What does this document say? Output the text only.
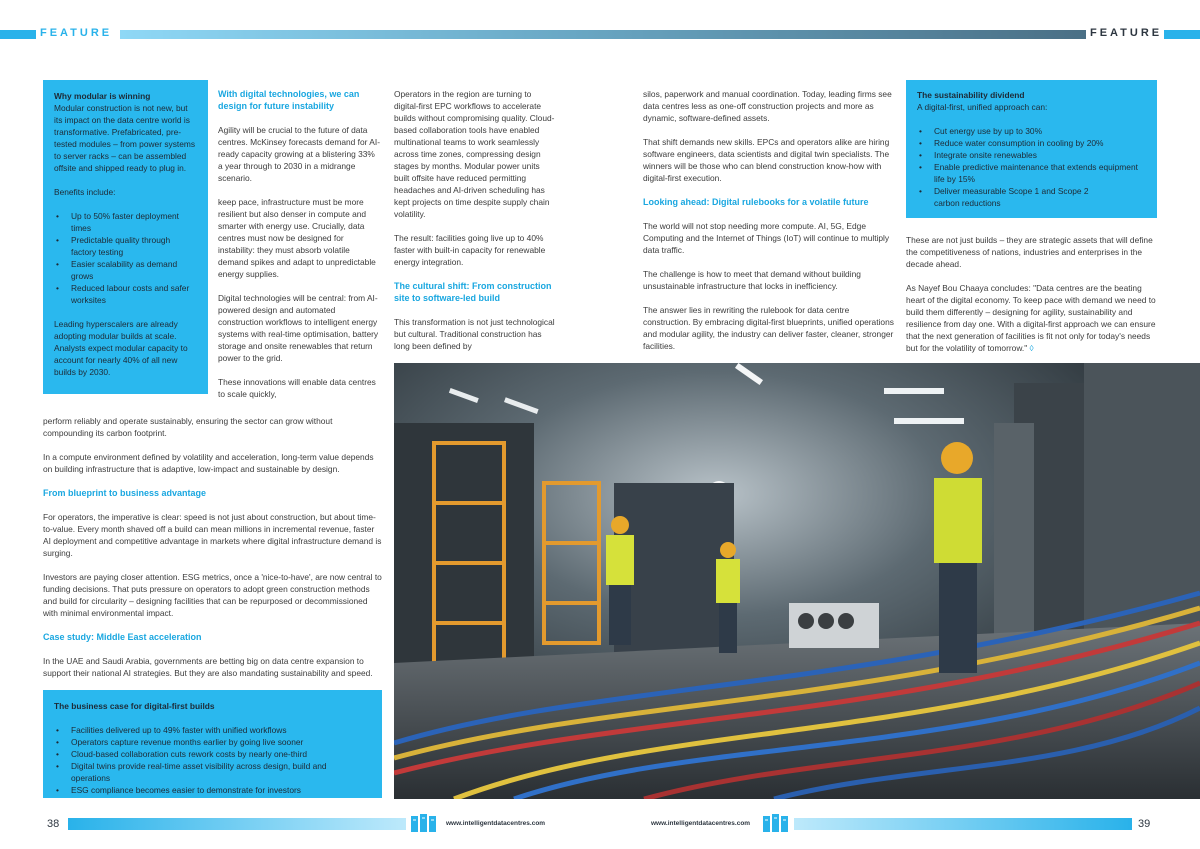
FEATURE	FEATURE
Why modular is winning
Modular construction is not new, but its impact on the data centre world is transformative. Prefabricated, pre-tested modules – from power systems to server racks – can be assembled offsite and shipped ready to plug in.
Benefits include:
• Up to 50% faster deployment times
• Predictable quality through factory testing
• Easier scalability as demand grows
• Reduced labour costs and safer worksites
Leading hyperscalers are already adopting modular builds at scale. Analysts expect modular capacity to account for nearly 40% of all new builds by 2030.
With digital technologies, we can design for future instability
Agility will be crucial to the future of data centres. McKinsey forecasts demand for AI-ready capacity growing at a blistering 33% a year through to 2030 in a midrange scenario.
keep pace, infrastructure must be more resilient but also denser in compute and smarter with energy use. Crucially, data centres must now be designed for instability: they must absorb volatile demand spikes and adapt to unpredictable energy supplies.
Digital technologies will be central: from AI-powered design and automated construction workflows to intelligent energy systems with real-time optimisation, battery storage and onsite renewables that return power to the grid.
These innovations will enable data centres to scale quickly,
Operators in the region are turning to digital-first EPC workflows to accelerate builds without compromising quality. Cloud-based collaboration tools have enabled multinational teams to work seamlessly across time zones, compressing design stages by months. Modular power units built offsite have reduced permitting headaches and AI-driven scheduling has kept projects on time despite supply chain volatility.
The result: facilities going live up to 40% faster with built-in capacity for renewable energy integration.
The cultural shift: From construction site to software-led build
This transformation is not just technological but cultural. Traditional construction has long been defined by
perform reliably and operate sustainably, ensuring the sector can grow without compounding its carbon footprint.
In a compute environment defined by volatility and acceleration, long-term value depends on building infrastructure that is adaptive, low-impact and sustainable by design.
From blueprint to business advantage
For operators, the imperative is clear: speed is not just about construction, but about time-to-value. Every month shaved off a build can mean millions in incremental revenue, faster AI deployment and competitive advantage in markets where digital infrastructure demand is surging.
Investors are paying closer attention. ESG metrics, once a 'nice-to-have', are now central to funding decisions. That puts pressure on operators to adopt green construction methods and build for circularity – designing facilities that can be repurposed or decommissioned with minimal environmental impact.
Case study: Middle East acceleration
In the UAE and Saudi Arabia, governments are betting big on data centre expansion to support their national AI strategies. But they are also mandating sustainability and speed.
The business case for digital-first builds
• Facilities delivered up to 49% faster with unified workflows
• Operators capture revenue months earlier by going live sooner
• Cloud-based collaboration cuts rework costs by nearly one-third
• Digital twins provide real-time asset visibility across design, build and operations
• ESG compliance becomes easier to demonstrate for investors
silos, paperwork and manual coordination. Today, leading firms see data centres less as one-off construction projects and more as dynamic, software-defined assets.
That shift demands new skills. EPCs and operators alike are hiring software engineers, data scientists and digital twin specialists. The winners will be those who can blend construction know-how with digital-first execution.
Looking ahead: Digital rulebooks for a volatile future
The world will not stop needing more compute. AI, 5G, Edge Computing and the Internet of Things (IoT) will continue to multiply data traffic.
The challenge is how to meet that demand without building unsustainable infrastructure that locks in inefficiency.
The answer lies in rewriting the rulebook for data centre construction. By embracing digital-first blueprints, unified operations and modular agility, the industry can deliver faster, cleaner, stronger facilities.
The sustainability dividend
A digital-first, unified approach can:
• Cut energy use by up to 30%
• Reduce water consumption in cooling by 20%
• Integrate onsite renewables
• Enable predictive maintenance that extends equipment life by 15%
• Deliver measurable Scope 1 and Scope 2 carbon reductions
These are not just builds – they are strategic assets that will define the competitiveness of nations, industries and enterprises in the decade ahead.
As Nayef Bou Chaaya concludes: "Data centres are the beating heart of the digital economy. To keep pace with demand we need to build them differently – designing for agility, sustainability and resilience from day one. With a digital-first approach we can ensure that the next generation of facilities is fit not only for today's needs but for the volatility of tomorrow." ◊
38	www.intelligentdatacentres.com	www.intelligentdatacentres.com	39
